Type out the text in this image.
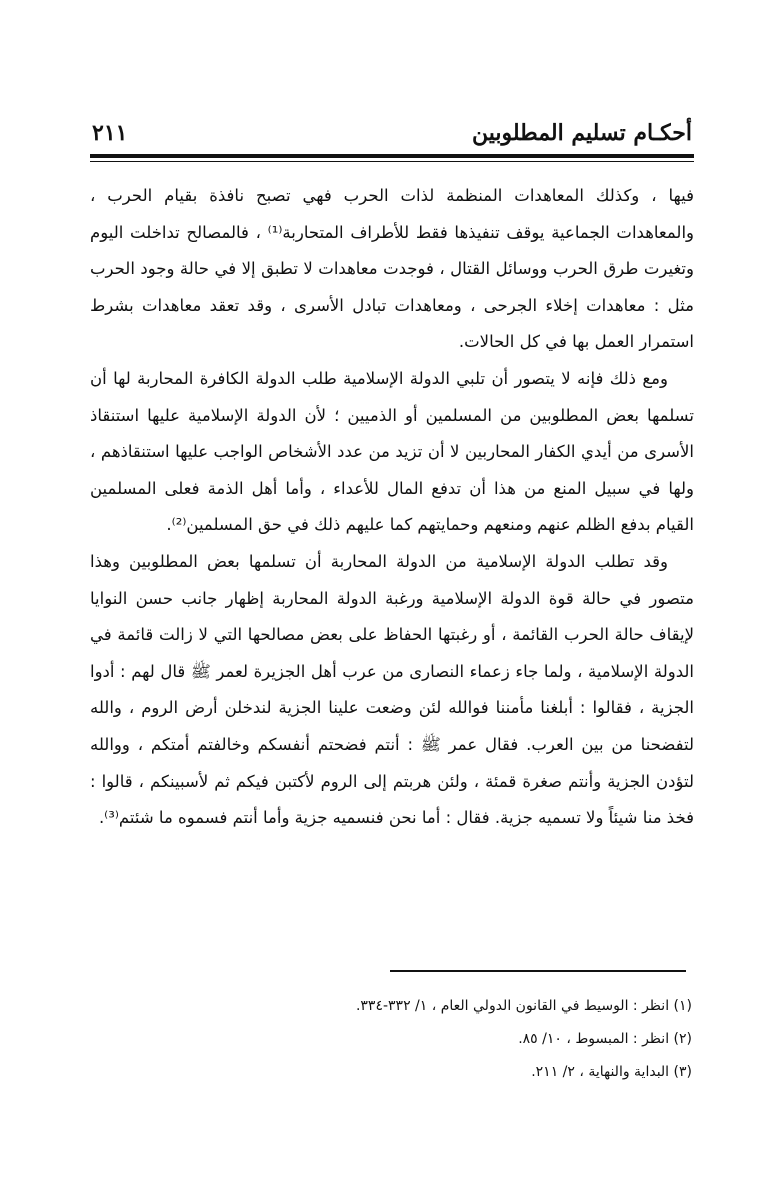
أحكـام تسليم المطلوبين
٢١١

فيها ، وكذلك المعاهدات المنظمة لذات الحرب فهي تصبح نافذة بقيام الحرب ، والمعاهدات الجماعية يوقف تنفيذها فقط للأطراف المتحاربة⁽¹⁾ ، فالمصالح تداخلت اليوم وتغيرت طرق الحرب ووسائل القتال ، فوجدت معاهدات لا تطبق إلا في حالة وجود الحرب مثل : معاهدات إخلاء الجرحى ، ومعاهدات تبادل الأسرى ، وقد تعقد معاهدات بشرط استمرار العمل بها في كل الحالات.

ومع ذلك فإنه لا يتصور أن تلبي الدولة الإسلامية طلب الدولة الكافرة المحاربة لها أن تسلمها بعض المطلوبين من المسلمين أو الذميين ؛ لأن الدولة الإسلامية عليها استنقاذ الأسرى من أيدي الكفار المحاربين لا أن تزيد من عدد الأشخاص الواجب عليها استنقاذهم ، ولها في سبيل المنع من هذا أن تدفع المال للأعداء ، وأما أهل الذمة فعلى المسلمين القيام بدفع الظلم عنهم ومنعهم وحمايتهم كما عليهم ذلك في حق المسلمين⁽²⁾.

وقد تطلب الدولة الإسلامية من الدولة المحاربة أن تسلمها بعض المطلوبين وهذا متصور في حالة قوة الدولة الإسلامية ورغبة الدولة المحاربة إظهار جانب حسن النوايا لإيقاف حالة الحرب القائمة ، أو رغبتها الحفاظ على بعض مصالحها التي لا زالت قائمة في الدولة الإسلامية ، ولما جاء زعماء النصارى من عرب أهل الجزيرة لعمر ﷺ قال لهم : أدوا الجزية ، فقالوا : أبلغنا مأمننا فوالله لئن وضعت علينا الجزية لندخلن أرض الروم ، والله لتفضحنا من بين العرب. فقال عمر ﷺ : أنتم فضحتم أنفسكم وخالفتم أمتكم ، ووالله لتؤدن الجزية وأنتم صغرة قمئة ، ولئن هربتم إلى الروم لأكتبن فيكم ثم لأسبينكم ، قالوا : فخذ منا شيئاً ولا تسميه جزية. فقال : أما نحن فنسميه جزية وأما أنتم فسموه ما شئتم⁽³⁾.

(١) انظر : الوسيط في القانون الدولي العام ، ١/ ٣٣٢-٣٣٤.

(٢) انظر : المبسوط ، ١٠/ ٨٥.

(٣) البداية والنهاية ، ٢/ ٢١١.
